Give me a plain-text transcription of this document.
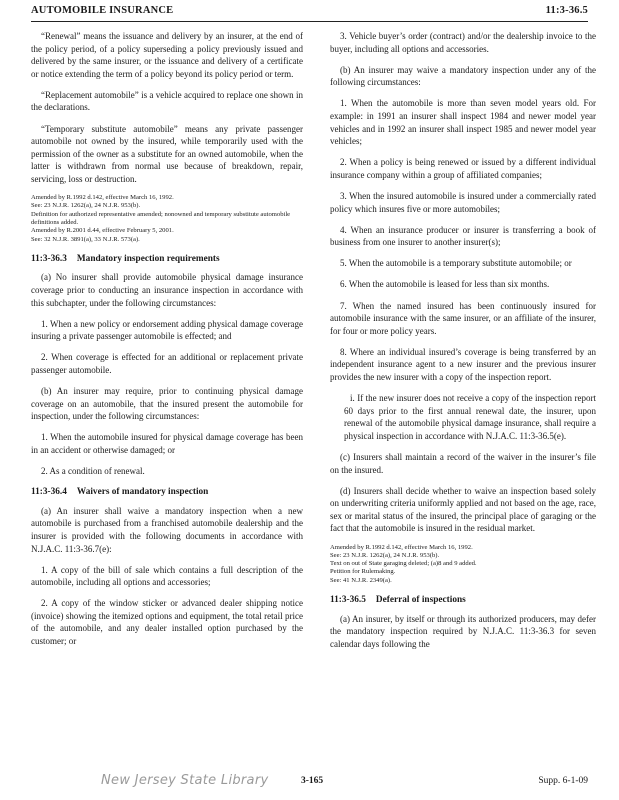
AUTOMOBILE INSURANCE	11:3-36.5

“Renewal” means the issuance and delivery by an insurer, at the end of the policy period, of a policy superseding a policy previously issued and delivered by the same insurer, or the issuance and delivery of a certificate or notice extending the term of a policy beyond its policy period or term.

“Replacement automobile” is a vehicle acquired to replace one shown in the declarations.

“Temporary substitute automobile” means any private passenger automobile not owned by the insured, while temporarily used with the permission of the owner as a substitute for an owned automobile, when the latter is withdrawn from normal use because of breakdown, repair, servicing, loss or destruction.

Amended by R.1992 d.142, effective March 16, 1992.
See: 23 N.J.R. 1262(a), 24 N.J.R. 953(b).
Definition for authorized representative amended; nonowned and temporary substitute automobile definitions added.
Amended by R.2001 d.44, effective February 5, 2001.
See: 32 N.J.R. 3891(a), 33 N.J.R. 573(a).
11:3-36.3 Mandatory inspection requirements

(a) No insurer shall provide automobile physical damage insurance coverage prior to conducting an insurance inspection in accordance with this subchapter, under the following circumstances:

1. When a new policy or endorsement adding physical damage coverage insuring a private passenger automobile is effected; and

2. When coverage is effected for an additional or replacement private passenger automobile.

(b) An insurer may require, prior to continuing physical damage coverage on an automobile, that the insured present the automobile for inspection, under the following circumstances:

1. When the automobile insured for physical damage coverage has been in an accident or otherwise damaged; or

2. As a condition of renewal.

11:3-36.4 Waivers of mandatory inspection

(a) An insurer shall waive a mandatory inspection when a new automobile is purchased from a franchised automobile dealership and the insurer is provided with the following documents in accordance with N.J.A.C. 11:3-36.7(e):

1. A copy of the bill of sale which contains a full description of the automobile, including all options and accessories;

2. A copy of the window sticker or advanced dealer shipping notice (invoice) showing the itemized options and equipment, the total retail price of the automobile, and any dealer installed option purchased by the customer; or

3. Vehicle buyer’s order (contract) and/or the dealership invoice to the buyer, including all options and accessories.

(b) An insurer may waive a mandatory inspection under any of the following circumstances:

1. When the automobile is more than seven model years old. For example: in 1991 an insurer shall inspect 1984 and newer model year vehicles and in 1992 an insurer shall inspect 1985 and newer model year vehicles;

2. When a policy is being renewed or issued by a different individual insurance company within a group of affiliated companies;

3. When the insured automobile is insured under a commercially rated policy which insures five or more automobiles;

4. When an insurance producer or insurer is transferring a book of business from one insurer to another insurer(s);

5. When the automobile is a temporary substitute automobile; or

6. When the automobile is leased for less than six months.

7. When the named insured has been continuously insured for automobile insurance with the same insurer, or an affiliate of the insurer, for four or more policy years.

8. Where an individual insured’s coverage is being transferred by an independent insurance agent to a new insurer and the previous insurer provides the new insurer with a copy of the inspection report.

i. If the new insurer does not receive a copy of the inspection report 60 days prior to the first annual renewal date, the insurer, upon renewal of the automobile physical damage insurance, shall require a physical inspection in accordance with N.J.A.C. 11:3-36.5(e).

(c) Insurers shall maintain a record of the waiver in the insurer’s file on the insured.

(d) Insurers shall decide whether to waive an inspection based solely on underwriting criteria uniformly applied and not based on the age, race, sex or marital status of the insured, the principal place of garaging or the fact that the automobile is insured in the residual market.

Amended by R.1992 d.142, effective March 16, 1992.
See: 23 N.J.R. 1262(a), 24 N.J.R. 953(b).
Text on out of State garaging deleted; (a)8 and 9 added.
Petition for Rulemaking.
See: 41 N.J.R. 2349(a).
11:3-36.5 Deferral of inspections

(a) An insurer, by itself or through its authorized producers, may defer the mandatory inspection required by N.J.A.C. 11:3-36.3 for seven calendar days following the

New Jersey State Library	3-165	Supp. 6-1-09
